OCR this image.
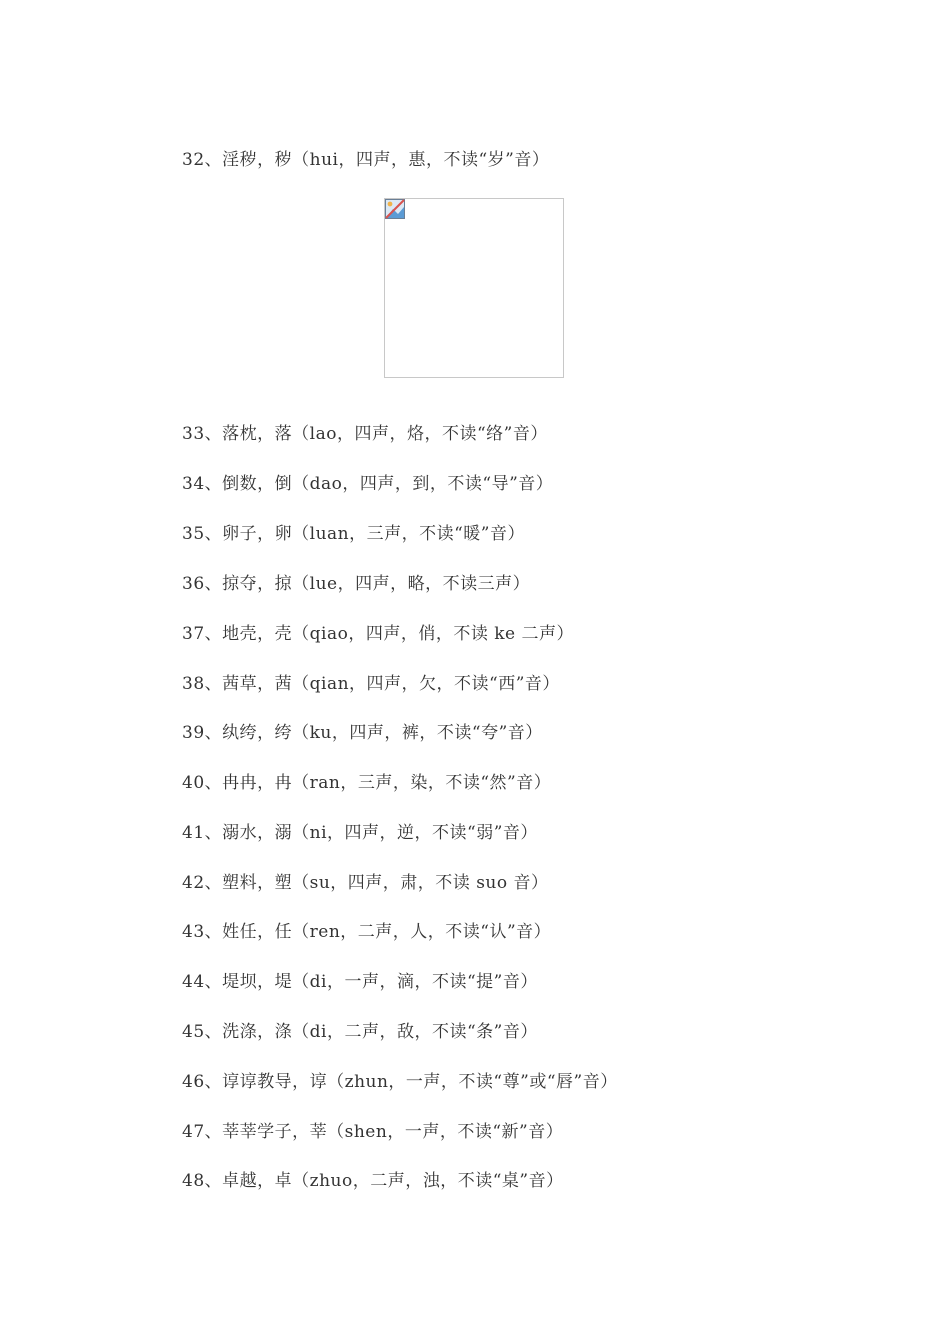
32、淫秽，秽（hui，四声，惠，不读“岁”音）
33、落枕，落（lao，四声，烙，不读“络”音）
34、倒数，倒（dao，四声，到，不读“导”音）
35、卵子，卵（luan，三声，不读“暖”音）
36、掠夺，掠（lue，四声，略，不读三声）
37、地壳，壳（qiao，四声，俏，不读 ke 二声）
38、茜草，茜（qian，四声，欠，不读“西”音）
39、纨绔，绔（ku，四声，裤，不读“夸”音）
40、冉冉，冉（ran，三声，染，不读“然”音）
41、溺水，溺（ni，四声，逆，不读“弱”音）
42、塑料，塑（su，四声，肃，不读 suo 音）
43、姓任，任（ren，二声，人，不读“认”音）
44、堤坝，堤（di，一声，滴，不读“提”音）
45、洗涤，涤（di，二声，敌，不读“条”音）
46、谆谆教导，谆（zhun，一声，不读“尊”或“唇”音）
47、莘莘学子，莘（shen，一声，不读“新”音）
48、卓越，卓（zhuo，二声，浊，不读“桌”音）
